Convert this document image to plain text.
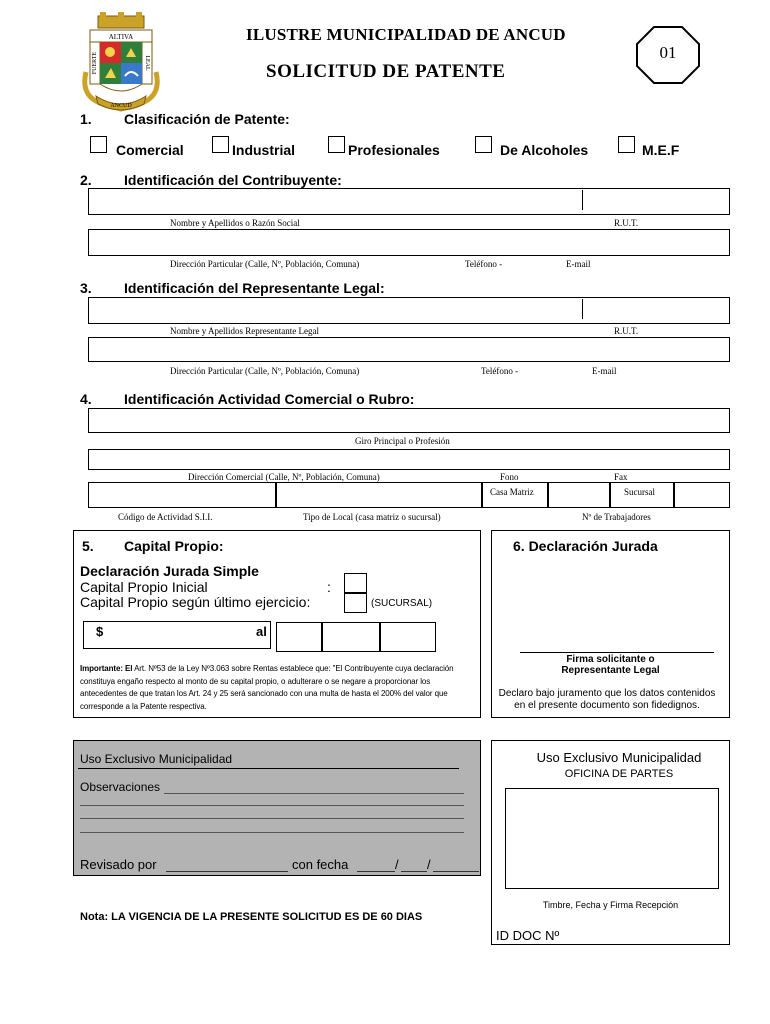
ALTIVA
FUERTE	LEAL
ANCUD
ILUSTRE MUNICIPALIDAD DE ANCUD
SOLICITUD DE PATENTE
01
1. Clasificación de Patente:
Comercial	Industrial	Profesionales	De Alcoholes	M.E.F
2. Identificación del Contribuyente:
Nombre y Apellidos o Razón Social	R.U.T.
Dirección Particular (Calle, Nº, Población, Comuna)	Teléfono -	E-mail
3. Identificación del Representante Legal:
Nombre y Apellidos Representante Legal	R.U.T.
Dirección Particular (Calle, Nº, Población, Comuna)	Teléfono -	E-mail
4. Identificación Actividad Comercial o Rubro:
Giro Principal o Profesión
Dirección Comercial (Calle, Nº, Población, Comuna)	Fono	Fax
Casa Matriz	Sucursal
Código de Actividad S.I.I.	Tipo de Local (casa matriz o sucursal)	Nº de Trabajadores
5. Capital Propio:
Declaración Jurada Simple
Capital Propio Inicial	:
Capital Propio según último ejercicio:	(SUCURSAL)
$	al
Importante: El Art. Nº53 de la Ley Nº3.063 sobre Rentas establece que: "El Contribuyente cuya declaración constituya engaño respecto al monto de su capital propio, o adulterare o se negare a proporcionar los antecedentes de que tratan los Art. 24 y 25 será sancionado con una multa de hasta el 200% del valor que corresponde a la Patente respectiva.
6. Declaración Jurada
Firma solicitante o
Representante Legal
Declaro bajo juramento que los datos contenidos
en el presente documento son fidedignos.
Uso Exclusivo Municipalidad
Observaciones
Revisado por	con fecha	/ /
Uso Exclusivo Municipalidad
OFICINA DE PARTES
Timbre, Fecha y Firma Recepción
ID DOC Nº
Nota: LA VIGENCIA DE LA PRESENTE SOLICITUD ES DE 60 DIAS
